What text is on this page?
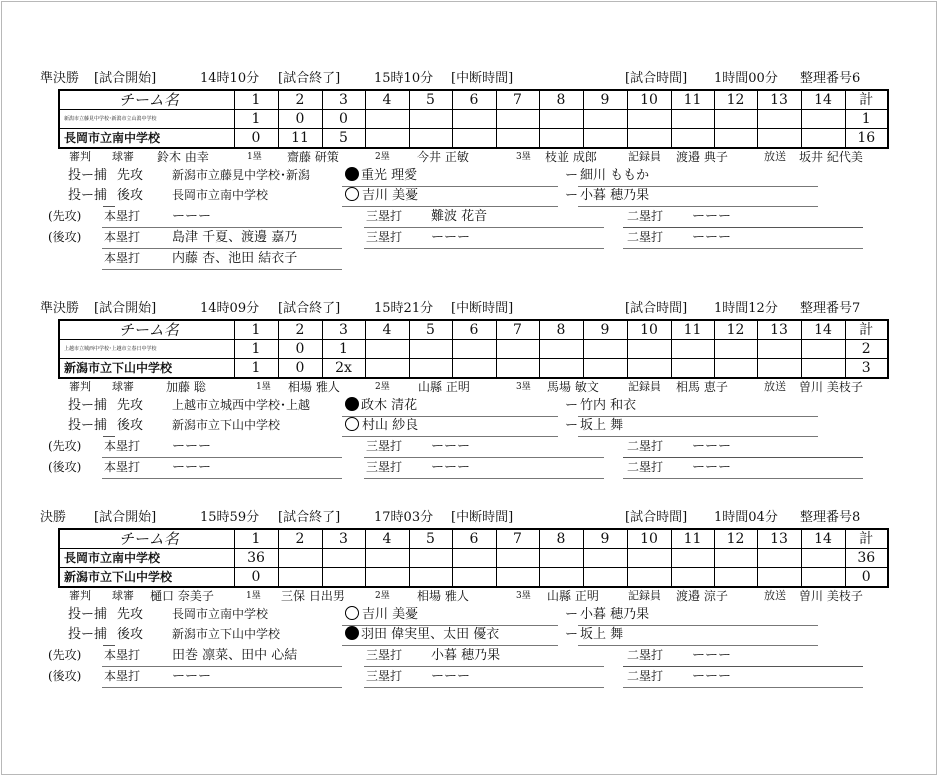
準決勝 [試合開始]	14時10分 [試合終了]	15時10分 [中断時間]	[試合時間] 1時間00分 整理番号6
チーム名	1	2	3	4	5	6	7	8	9	10	11	12	13	14	計
新潟市立藤見中学校･新潟市立山潟中学校	1	0	0												1
長岡市立南中学校	0	11	5												16
審判 球審 鈴木 由幸	1塁 齋藤 研策	2塁 今井 正敏	3塁 枝並 成郎	記録員 渡邉 典子	放送 坂井 紀代美
投ー捕 先攻 新潟市立藤見中学校･新潟	重光 理愛	ー 細川 ももか
投ー捕 後攻 長岡市立南中学校	吉川 美憂	ー 小暮 穂乃果
(先攻) 本塁打 ーーー	三塁打 難波 花音	二塁打 ーーー
(後攻) 本塁打 島津 千夏、渡邊 嘉乃	三塁打 ーーー	二塁打 ーーー
本塁打 内藤 杏、池田 結衣子
準決勝 [試合開始]	14時09分 [試合終了]	15時21分 [中断時間]	[試合時間] 1時間12分 整理番号7
チーム名	1	2	3	4	5	6	7	8	9	10	11	12	13	14	計
上越市立城西中学校･上越市立春日中学校	1	0	1												2
新潟市立下山中学校	1	0	2x												3
審判 球審	加藤 聡	1塁 相場 雅人	2塁 山縣 正明	3塁 馬場 敏文	記録員 相馬 恵子	放送 曽川 美枝子
投ー捕 先攻 上越市立城西中学校･上越	政木 清花	ー 竹内 和衣
投ー捕 後攻 新潟市立下山中学校	村山 紗良	ー 坂上 舞
(先攻) 本塁打 ーーー	三塁打 ーーー	二塁打 ーーー
(後攻) 本塁打 ーーー	三塁打 ーーー	二塁打 ーーー
決勝 [試合開始]	15時59分 [試合終了]	17時03分 [中断時間]	[試合時間] 1時間04分 整理番号8
チーム名	1	2	3	4	5	6	7	8	9	10	11	12	13	14	計
長岡市立南中学校	36														36
新潟市立下山中学校	0														0
審判 球審 樋口 奈美子	1塁 三保 日出男	2塁 相場 雅人	3塁 山縣 正明	記録員 渡邉 涼子	放送 曽川 美枝子
投ー捕 先攻 長岡市立南中学校	吉川 美憂	ー 小暮 穂乃果
投ー捕 後攻 新潟市立下山中学校	羽田 偉実里、太田 優衣	ー 坂上 舞
(先攻) 本塁打 田巻 凛菜、田中 心結	三塁打 小暮 穂乃果	二塁打 ーーー
(後攻) 本塁打 ーーー	三塁打 ーーー	二塁打 ーーー
